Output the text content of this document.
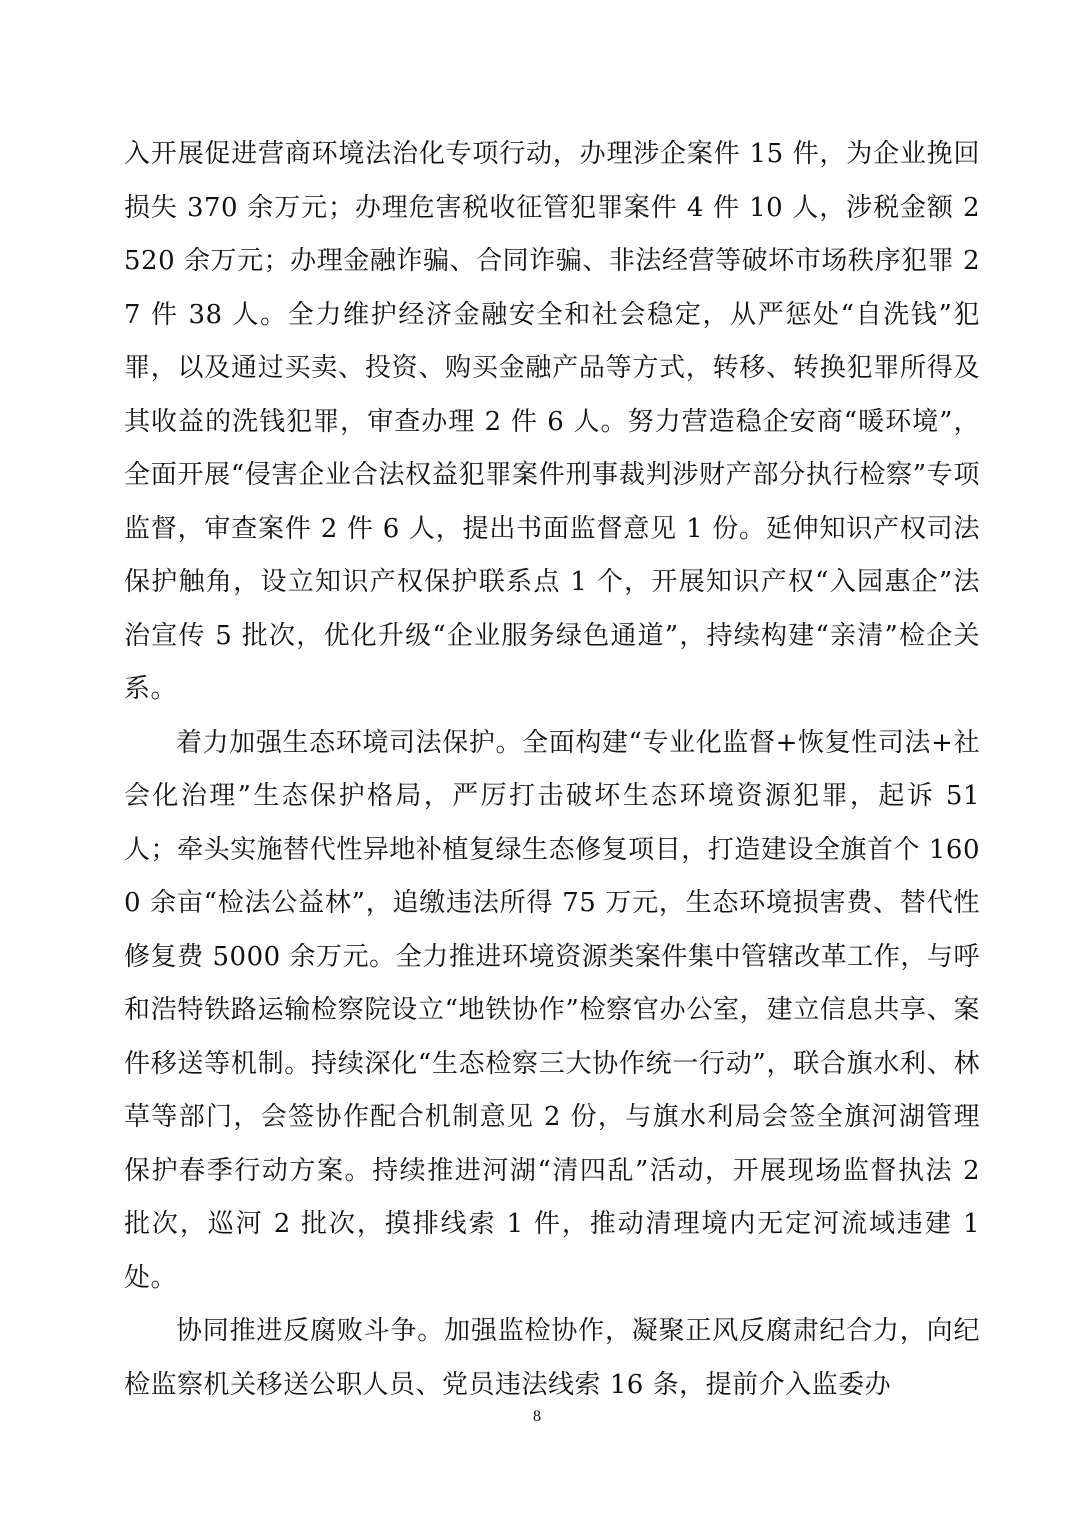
入开展促进营商环境法治化专项行动，办理涉企案件 15 件，为企业挽回损失 370 余万元；办理危害税收征管犯罪案件 4 件 10 人，涉税金额 2520 余万元；办理金融诈骗、合同诈骗、非法经营等破坏市场秩序犯罪 27 件 38 人。全力维护经济金融安全和社会稳定，从严惩处“自洗钱”犯罪，以及通过买卖、投资、购买金融产品等方式，转移、转换犯罪所得及其收益的洗钱犯罪，审查办理 2 件 6 人。努力营造稳企安商“暖环境”，全面开展“侵害企业合法权益犯罪案件刑事裁判涉财产部分执行检察”专项监督，审查案件 2 件 6 人，提出书面监督意见 1 份。延伸知识产权司法保护触角，设立知识产权保护联系点 1 个，开展知识产权“入园惠企”法治宣传 5 批次，优化升级“企业服务绿色通道”，持续构建“亲清”检企关系。

着力加强生态环境司法保护。全面构建“专业化监督+恢复性司法+社会化治理”生态保护格局，严厉打击破坏生态环境资源犯罪，起诉 51 人；牵头实施替代性异地补植复绿生态修复项目，打造建设全旗首个 1600 余亩“检法公益林”，追缴违法所得 75 万元，生态环境损害费、替代性修复费 5000 余万元。全力推进环境资源类案件集中管辖改革工作，与呼和浩特铁路运输检察院设立“地铁协作”检察官办公室，建立信息共享、案件移送等机制。持续深化“生态检察三大协作统一行动”，联合旗水利、林草等部门，会签协作配合机制意见 2 份，与旗水利局会签全旗河湖管理保护春季行动方案。持续推进河湖“清四乱”活动，开展现场监督执法 2 批次，巡河 2 批次，摸排线索 1 件，推动清理境内无定河流域违建 1 处。

协同推进反腐败斗争。加强监检协作，凝聚正风反腐肃纪合力，向纪检监察机关移送公职人员、党员违法线索 16 条，提前介入监委办

8
